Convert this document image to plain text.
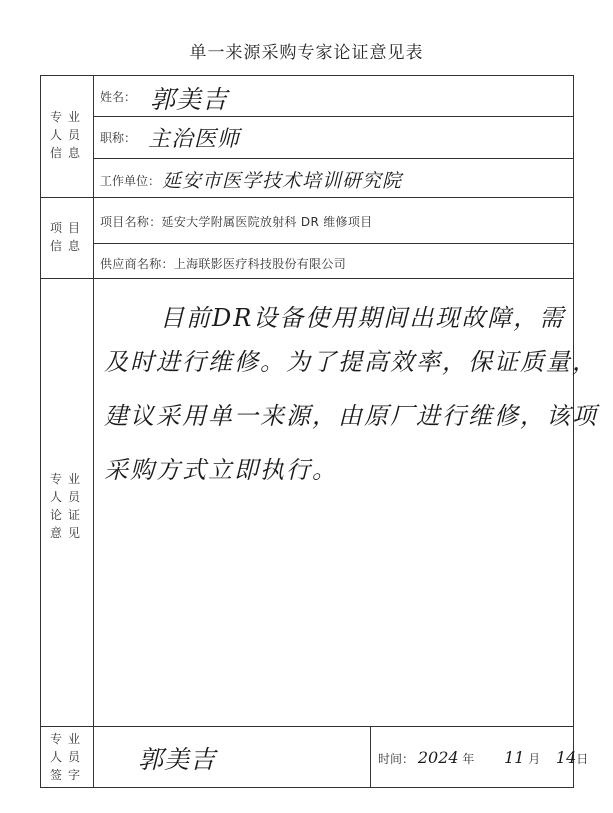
单一来源采购专家论证意见表
专 业
人 员
信 息
项 目
信 息
专 业
人 员
论 证
意 见
专 业
人 员
签 字
姓名： 郭美吉
职称： 主治医师
工作单位： 延安市医学技术培训研究院
项目名称：延安大学附属医院放射科 DR 维修项目
供应商名称：上海联影医疗科技股份有限公司
目前DR设备使用期间出现故障，需
及时进行维修。为了提高效率，保证质量，
建议采用单一来源，由原厂进行维修，该项
采购方式立即执行。
郭美吉	时间： 2024 年 11 月 14日
